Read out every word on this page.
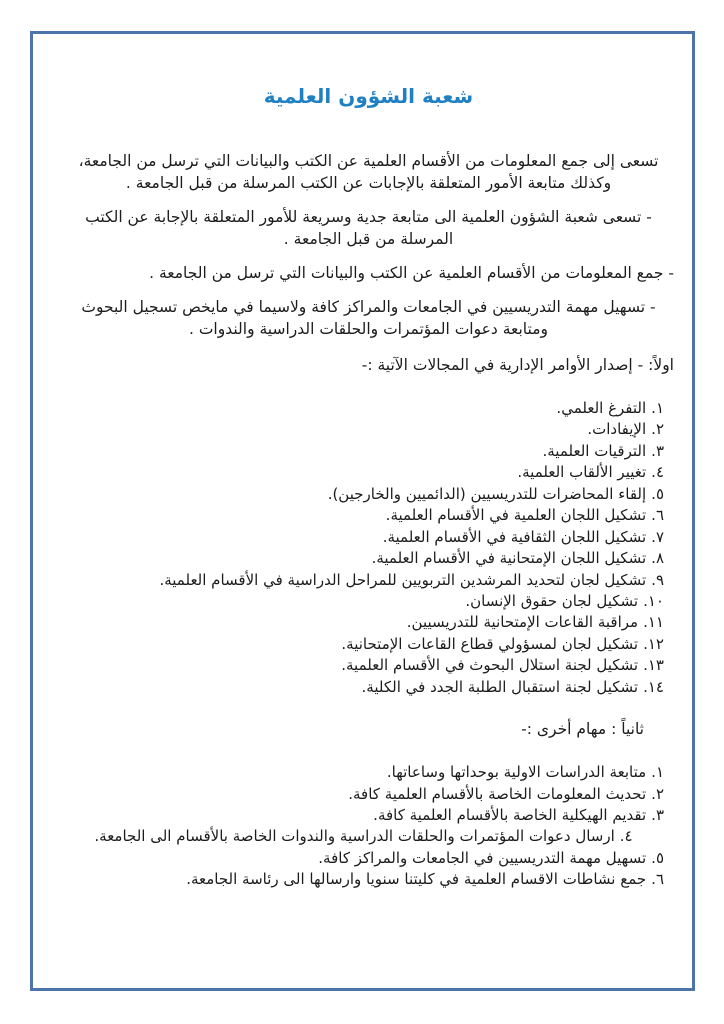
شعبة الشؤون العلمية

تسعى إلى جمع المعلومات من الأقسام العلمية عن الكتب والبيانات التي ترسل من الجامعة، وكذلك متابعة الأمور المتعلقة بالإجابات عن الكتب المرسلة من قبل الجامعة .

- تسعى شعبة الشؤون العلمية الى متابعة جدية وسريعة للأمور المتعلقة بالإجابة عن الكتب المرسلة من قبل الجامعة .

- جمع المعلومات من الأقسام العلمية عن الكتب والبيانات التي ترسل من الجامعة .

- تسهيل مهمة التدريسيين في الجامعات والمراكز كافة ولاسيما في مايخص تسجيل البحوث ومتابعة دعوات المؤتمرات والحلقات الدراسية والندوات .

اولاً: - إصدار الأوامر الإدارية في المجالات الآتية :-

١.التفرغ العلمي.
٢.الإيفادات.
٣.الترقيات العلمية.
٤.تغيير الألقاب العلمية.
٥.إلقاء المحاضرات للتدريسيين (الدائميين والخارجين).
٦.تشكيل اللجان العلمية في الأقسام العلمية.
٧.تشكيل اللجان الثقافية في الأقسام العلمية.
٨.تشكيل اللجان الإمتحانية في الأقسام العلمية.
٩.تشكيل لجان لتحديد المرشدين التربويين للمراحل الدراسية في الأقسام العلمية.
١٠.تشكيل لجان حقوق الإنسان.
١١.مراقبة القاعات الإمتحانية للتدريسيين.
١٢.تشكيل لجان لمسؤولي قطاع القاعات الإمتحانية.
١٣.تشكيل لجنة استلال البحوث في الأقسام العلمية.
١٤.تشكيل لجنة استقبال الطلبة الجدد في الكلية.

ثانياً : مهام أخرى :-

١.متابعة الدراسات الاولية بوحداتها وساعاتها.
٢.تحديث المعلومات الخاصة بالأقسام العلمية كافة.
٣.تقديم الهيكلية الخاصة بالأقسام العلمية كافة.
٤.ارسال دعوات المؤتمرات والحلقات الدراسية والندوات الخاصة بالأقسام الى الجامعة.
٥.تسهيل مهمة التدريسيين في الجامعات والمراكز كافة.
٦.جمع نشاطات الاقسام العلمية في كليتنا سنويا وارسالها الى رئاسة الجامعة.
